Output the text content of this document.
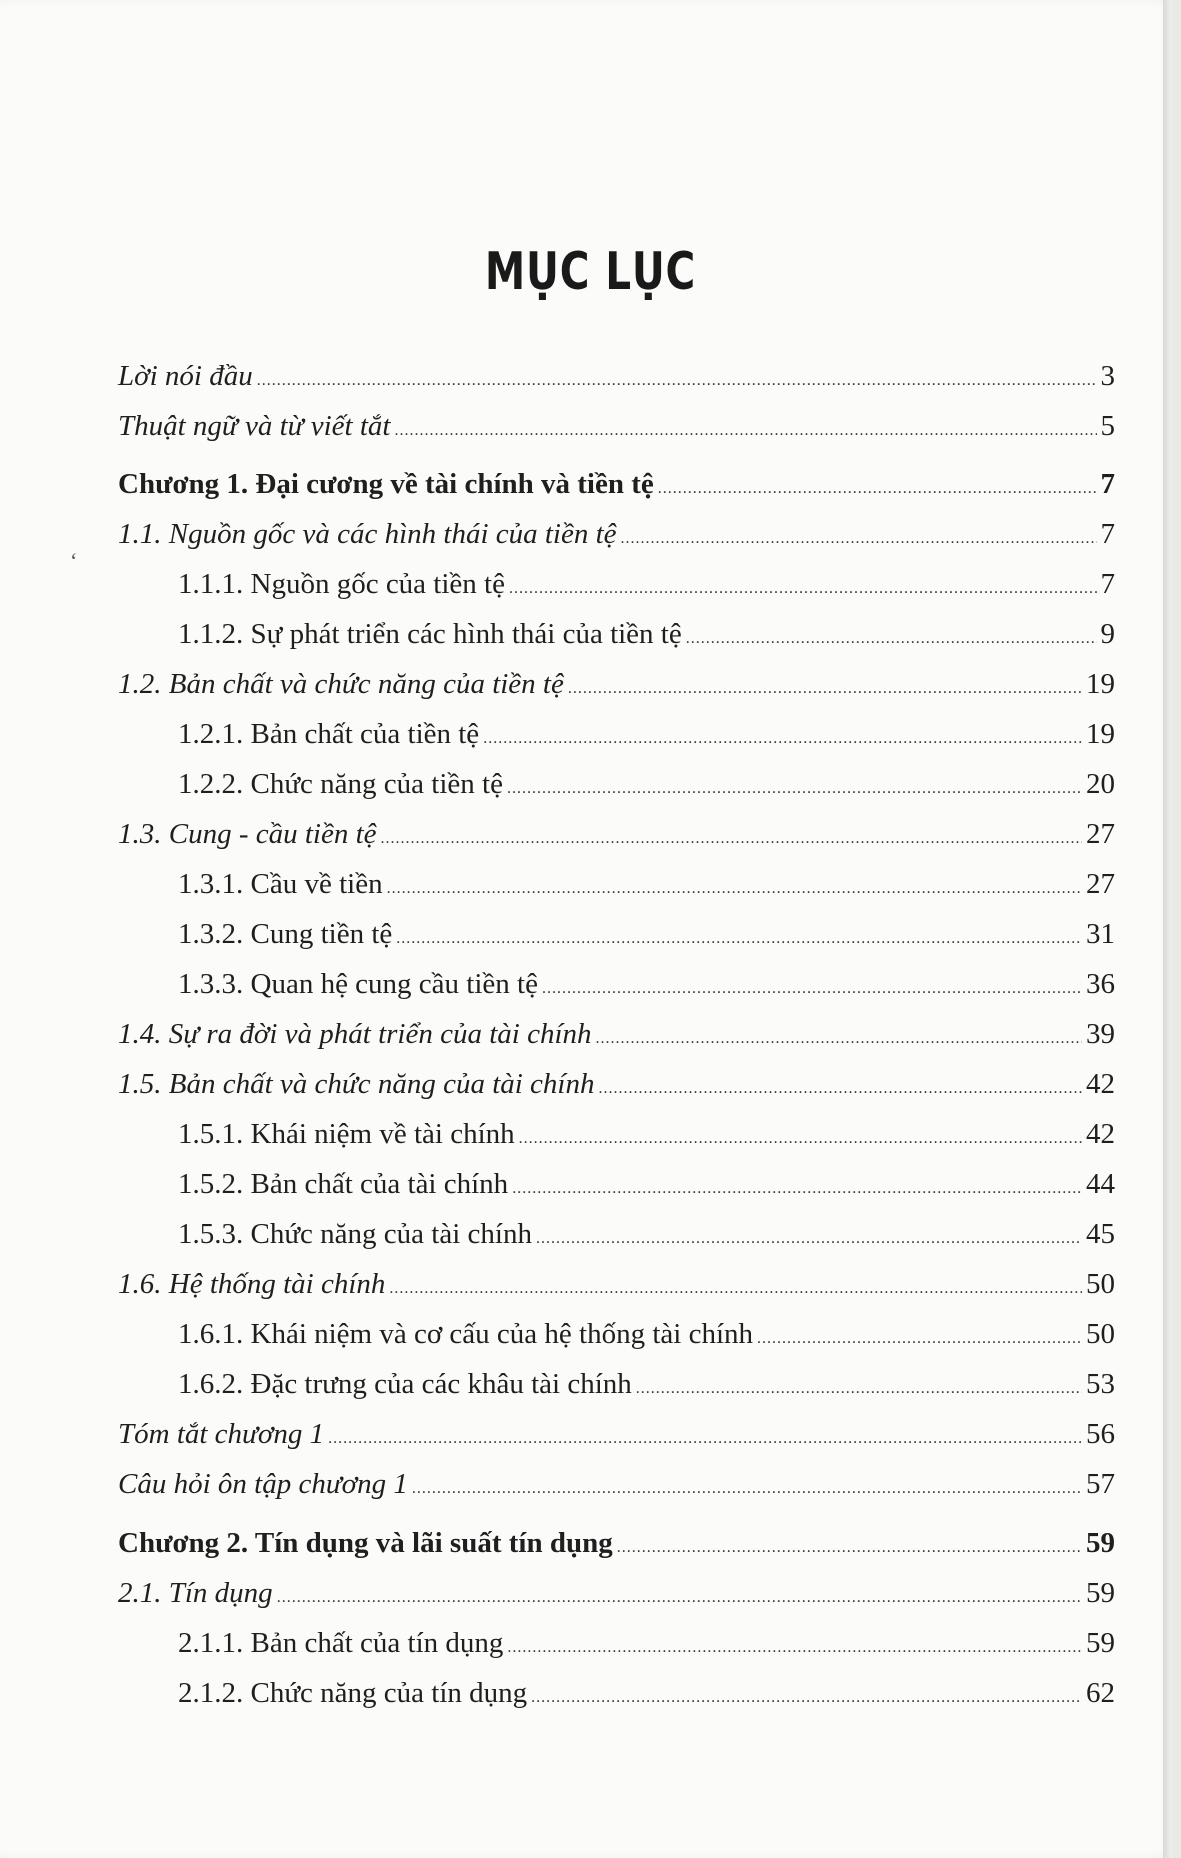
MỤC LỤC
ʻ
Lời nói đầu .....	3
Thuật ngữ và từ viết tắt .....	5
Chương 1. Đại cương về tài chính và tiền tệ .....	7
1.1. Nguồn gốc và các hình thái của tiền tệ .....	7
1.1.1. Nguồn gốc của tiền tệ .....	7
1.1.2. Sự phát triển các hình thái của tiền tệ .....	9
1.2. Bản chất và chức năng của tiền tệ .....	19
1.2.1. Bản chất của tiền tệ .....	19
1.2.2. Chức năng của tiền tệ .....	20
1.3. Cung - cầu tiền tệ .....	27
1.3.1. Cầu về tiền .....	27
1.3.2. Cung tiền tệ .....	31
1.3.3. Quan hệ cung cầu tiền tệ .....	36
1.4. Sự ra đời và phát triển của tài chính .....	39
1.5. Bản chất và chức năng của tài chính .....	42
1.5.1. Khái niệm về tài chính .....	42
1.5.2. Bản chất của tài chính .....	44
1.5.3. Chức năng của tài chính .....	45
1.6. Hệ thống tài chính .....	50
1.6.1. Khái niệm và cơ cấu của hệ thống tài chính .....	50
1.6.2. Đặc trưng của các khâu tài chính .....	53
Tóm tắt chương 1 .....	56
Câu hỏi ôn tập chương 1 .....	57
Chương 2. Tín dụng và lãi suất tín dụng .....	59
2.1. Tín dụng .....	59
2.1.1. Bản chất của tín dụng .....	59
2.1.2. Chức năng của tín dụng .....	62
